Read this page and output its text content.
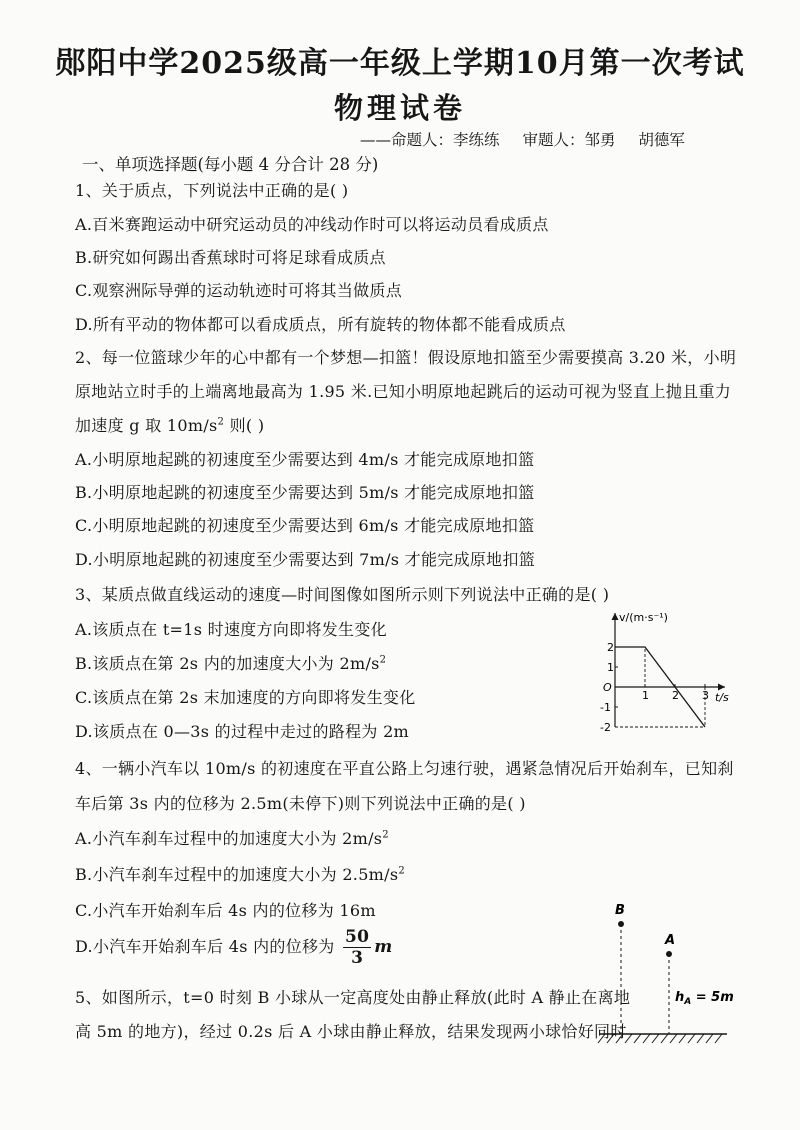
郧阳中学2025级高一年级上学期10月第一次考试
物理试卷
——命题人：李练练 审题人：邹勇 胡德军
一、单项选择题(每小题 4 分合计 28 分)
1、关于质点，下列说法中正确的是( )
A.百米赛跑运动中研究运动员的冲线动作时可以将运动员看成质点
B.研究如何踢出香蕉球时可将足球看成质点
C.观察洲际导弹的运动轨迹时可将其当做质点
D.所有平动的物体都可以看成质点，所有旋转的物体都不能看成质点
2、每一位篮球少年的心中都有一个梦想—扣篮！假设原地扣篮至少需要摸高 3.20 米，小明
原地站立时手的上端离地最高为 1.95 米.已知小明原地起跳后的运动可视为竖直上抛且重力
加速度 g 取 $10m/s^2$ 则( )
A.小明原地起跳的初速度至少需要达到 4m/s 才能完成原地扣篮
B.小明原地起跳的初速度至少需要达到 5m/s 才能完成原地扣篮
C.小明原地起跳的初速度至少需要达到 6m/s 才能完成原地扣篮
D.小明原地起跳的初速度至少需要达到 7m/s 才能完成原地扣篮
3、某质点做直线运动的速度—时间图像如图所示则下列说法中正确的是( )
A.该质点在 t=1s 时速度方向即将发生变化
B.该质点在第 2s 内的加速度大小为 $2m/s^2$
C.该质点在第 2s 末加速度的方向即将发生变化
D.该质点在 0—3s 的过程中走过的路程为 2m
v/(m·s⁻¹)
t/s
O
1 2 3
2
1
-1
-2
4、一辆小汽车以 10m/s 的初速度在平直公路上匀速行驶，遇紧急情况后开始刹车，已知刹
车后第 3s 内的位移为 2.5m(未停下)则下列说法中正确的是( )
A.小汽车刹车过程中的加速度大小为 $2m/s^2$
B.小汽车刹车过程中的加速度大小为 $2.5m/s^2$
C.小汽车开始刹车后 4s 内的位移为 16m
D.小汽车开始刹车后 4s 内的位移为 $\frac{50}{3}$ m
5、如图所示，t=0 时刻 B 小球从一定高度处由静止释放(此时 A 静止在离地
高 5m 的地方)，经过 0.2s 后 A 小球由静止释放，结果发现两小球恰好同时
B
A
$h_A = 5m$
